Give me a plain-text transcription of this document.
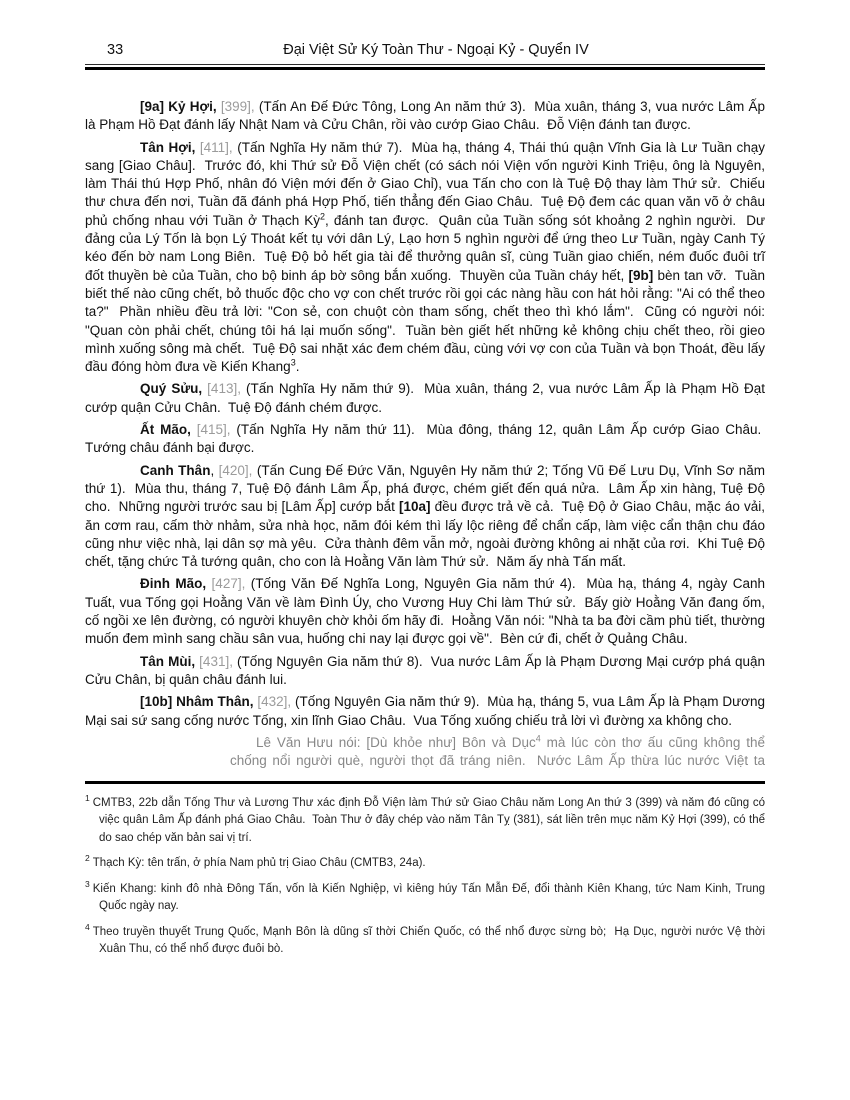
33	Đại Việt Sử Ký Toàn Thư - Ngoại Kỷ - Quyển IV

[9a] Kỷ Hợi, [399], (Tấn An Đế Đức Tông, Long An năm thứ 3).  Mùa xuân, tháng 3, vua nước Lâm Ấp là Phạm Hồ Đạt đánh lấy Nhật Nam và Cửu Chân, rồi vào cướp Giao Châu.  Đỗ Viện đánh tan được.

Tân Hợi, [411], (Tấn Nghĩa Hy năm thứ 7).  Mùa hạ, tháng 4, Thái thú quận Vĩnh Gia là Lư Tuần chạy sang [Giao Châu].  Trước đó, khi Thứ sử Đỗ Viện chết (có sách nói Viện vốn người Kinh Triệu, ông là Nguyên, làm Thái thú Hợp Phố, nhân đó Viện mới đến ở Giao Chỉ), vua Tấn cho con là Tuệ Độ thay làm Thứ sử.  Chiếu thư chưa đến nơi, Tuần đã đánh phá Hợp Phố, tiến thẳng đến Giao Châu.  Tuệ Độ đem các quan văn võ ở châu phủ chống nhau với Tuần ở Thạch Kỳ$^2$, đánh tan được.  Quân của Tuần sống sót khoảng 2 nghìn người.  Dư đảng của Lý Tốn là bọn Lý Thoát kết tụ với dân Lý, Lạo hơn 5 nghìn người để ứng theo Lư Tuần, ngày Canh Tý kéo đến bờ nam Long Biên.  Tuệ Độ bỏ hết gia tài để thưởng quân sĩ, cùng Tuần giao chiến, ném đuốc đuôi trĩ đốt thuyền bè của Tuần, cho bộ binh áp bờ sông bắn xuống.  Thuyền của Tuần cháy hết, [9b] bèn tan vỡ.  Tuần biết thế nào cũng chết, bỏ thuốc độc cho vợ con chết trước rồi gọi các nàng hầu con hát hỏi rằng: "Ai có thể theo ta?"  Phần nhiều đều trả lời: "Con sẻ, con chuột còn tham sống, chết theo thì khó lắm".  Cũng có người nói: "Quan còn phải chết, chúng tôi há lại muốn sống".  Tuần bèn giết hết những kẻ không chịu chết theo, rồi gieo mình xuống sông mà chết.  Tuệ Độ sai nhặt xác đem chém đầu, cùng với vợ con của Tuần và bọn Thoát, đều lấy đầu đóng hòm đưa về Kiến Khang$^3$.

Quý Sửu, [413], (Tấn Nghĩa Hy năm thứ 9).  Mùa xuân, tháng 2, vua nước Lâm Ấp là Phạm Hồ Đạt cướp quận Cửu Chân.  Tuệ Độ đánh chém được.

Ất Mão, [415], (Tấn Nghĩa Hy năm thứ 11).  Mùa đông, tháng 12, quân Lâm Ấp cướp Giao Châu.  Tướng châu đánh bại được.

Canh Thân, [420], (Tấn Cung Đế Đức Văn, Nguyên Hy năm thứ 2; Tống Vũ Đế Lưu Dụ, Vĩnh Sơ năm thứ 1).  Mùa thu, tháng 7, Tuệ Độ đánh Lâm Ấp, phá được, chém giết đến quá nửa.  Lâm Ấp xin hàng, Tuệ Độ cho.  Những người trước sau bị [Lâm Ấp] cướp bắt [10a] đều được trả về cả.  Tuệ Độ ở Giao Châu, mặc áo vải, ăn cơm rau, cấm thờ nhảm, sửa nhà học, năm đói kém thì lấy lộc riêng để chẩn cấp, làm việc cẩn thận chu đáo cũng như việc nhà, lại dân sợ mà yêu.  Cửa thành đêm vẫn mở, ngoài đường không ai nhặt của rơi.  Khi Tuệ Độ chết, tặng chức Tả tướng quân, cho con là Hoằng Văn làm Thứ sử.  Năm ấy nhà Tấn mất.

Đinh Mão, [427], (Tống Văn Đế Nghĩa Long, Nguyên Gia năm thứ 4).  Mùa hạ, tháng 4, ngày Canh Tuất, vua Tống gọi Hoằng Văn về làm Đình Úy, cho Vương Huy Chi làm Thứ sử.  Bấy giờ Hoằng Văn đang ốm, cố ngồi xe lên đường, có người khuyên chờ khỏi ốm hãy đi.  Hoằng Văn nói: "Nhà ta ba đời cầm phù tiết, thường muốn đem mình sang chầu sân vua, huống chi nay lại được gọi về".  Bèn cứ đi, chết ở Quảng Châu.

Tân Mùi, [431], (Tống Nguyên Gia năm thứ 8).  Vua nước Lâm Ấp là Phạm Dương Mại cướp phá quận Cửu Chân, bị quân châu đánh lui.

[10b] Nhâm Thân, [432], (Tống Nguyên Gia năm thứ 9).  Mùa hạ, tháng 5, vua Lâm Ấp là Phạm Dương Mại sai sứ sang cống nước Tống, xin lĩnh Giao Châu.  Vua Tống xuống chiếu trả lời vì đường xa không cho.

Lê Văn Hưu nói: [Dù khỏe như] Bôn và Dục$^4$ mà lúc còn thơ ấu cũng không thể chống nổi người què, người thọt đã tráng niên.  Nước Lâm Ấp thừa lúc nước Việt ta
$^1$ CMTB3, 22b dẫn Tống Thư và Lương Thư xác định Đỗ Viện làm Thứ sử Giao Châu năm Long An thứ 3 (399) và năm đó cũng có việc quân Lâm Ấp đánh phá Giao Châu.  Toàn Thư ở đây chép vào năm Tân Tỵ (381), sát liền trên mục năm Kỷ Hợi (399), có thể do sao chép văn bản sai vị trí.
$^2$ Thạch Kỳ: tên trấn, ở phía Nam phủ trị Giao Châu (CMTB3, 24a).
$^3$ Kiến Khang: kinh đô nhà Đông Tấn, vốn là Kiến Nghiệp, vì kiêng húy Tấn Mẫn Đế, đổi thành Kiên Khang, tức Nam Kinh, Trung Quốc ngày nay.
$^4$ Theo truyền thuyết Trung Quốc, Mạnh Bôn là dũng sĩ thời Chiến Quốc, có thể nhổ được sừng bò;  Hạ Dục, người nước Vệ thời Xuân Thu, có thể nhổ được đuôi bò.
